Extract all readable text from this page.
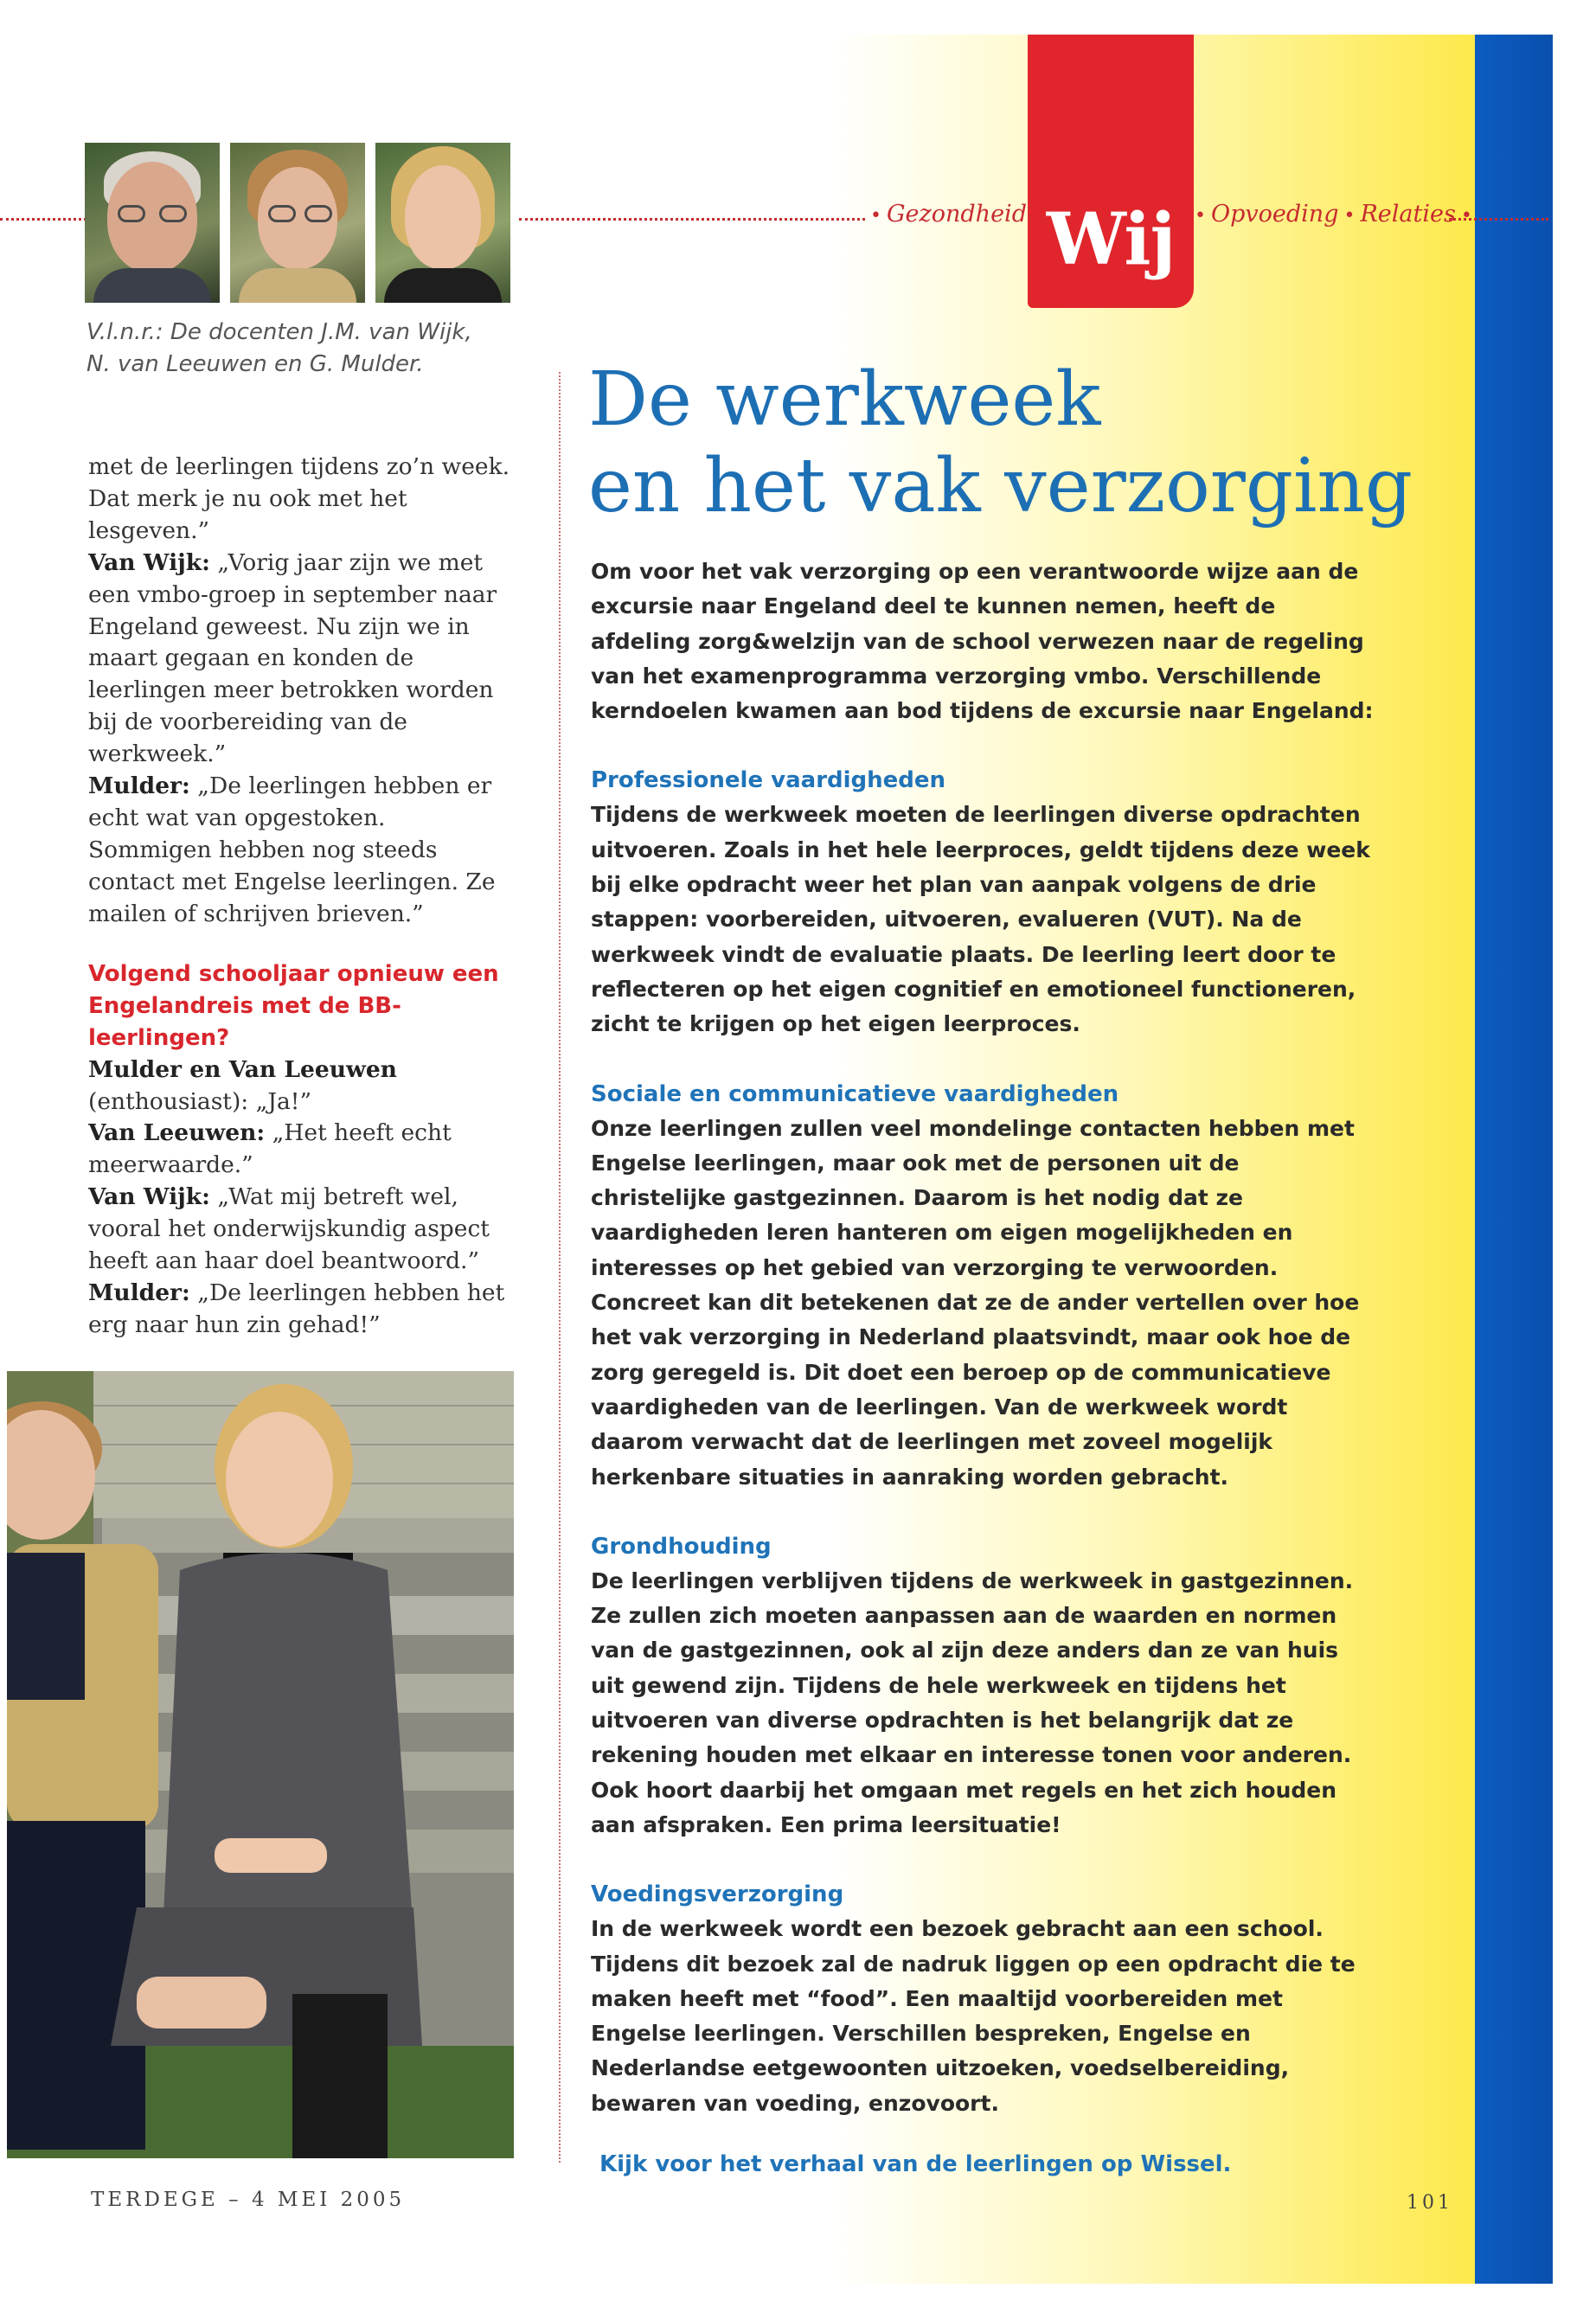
• Gezondheid Wij • Opvoeding • Relaties •
V.l.n.r.: De docenten J.M. van Wijk, N. van Leeuwen en G. Mulder.

met de leerlingen tijdens zo’n week. Dat merk je nu ook met het lesgeven.”

Van Wijk: „Vorig jaar zijn we met een vmbo-groep in september naar Engeland geweest. Nu zijn we in maart gegaan en konden de leerlingen meer betrokken worden bij de voorbereiding van de werkweek.”

Mulder: „De leerlingen hebben er echt wat van opgestoken. Sommigen hebben nog steeds contact met Engelse leerlingen. Ze mailen of schrijven brieven.”

Volgend schooljaar opnieuw een Engelandreis met de BB-leerlingen?

Mulder en Van Leeuwen (enthousiast): „Ja!”

Van Leeuwen: „Het heeft echt meerwaarde.”

Van Wijk: „Wat mij betreft wel, vooral het onderwijskundig aspect heeft aan haar doel beantwoord.”

Mulder: „De leerlingen hebben het erg naar hun zin gehad!”

De werkweek
en het vak verzorging

Om voor het vak verzorging op een verantwoorde wijze aan de excursie naar Engeland deel te kunnen nemen, heeft de afdeling zorg&welzijn van de school verwezen naar de regeling van het examenprogramma verzorging vmbo. Verschillende kerndoelen kwamen aan bod tijdens de excursie naar Engeland:

Professionele vaardigheden

Tijdens de werkweek moeten de leerlingen diverse opdrachten uitvoeren. Zoals in het hele leerproces, geldt tijdens deze week bij elke opdracht weer het plan van aanpak volgens de drie stappen: voorbereiden, uitvoeren, evalueren (VUT). Na de werkweek vindt de evaluatie plaats. De leerling leert door te reflecteren op het eigen cognitief en emotioneel functioneren, zicht te krijgen op het eigen leerproces.

Sociale en communicatieve vaardigheden

Onze leerlingen zullen veel mondelinge contacten hebben met Engelse leerlingen, maar ook met de personen uit de christelijke gastgezinnen. Daarom is het nodig dat ze vaardigheden leren hanteren om eigen mogelijkheden en interesses op het gebied van verzorging te verwoorden. Concreet kan dit betekenen dat ze de ander vertellen over hoe het vak verzorging in Nederland plaatsvindt, maar ook hoe de zorg geregeld is. Dit doet een beroep op de communicatieve vaardigheden van de leerlingen. Van de werkweek wordt daarom verwacht dat de leerlingen met zoveel mogelijk herkenbare situaties in aanraking worden gebracht.

Grondhouding

De leerlingen verblijven tijdens de werkweek in gastgezinnen. Ze zullen zich moeten aanpassen aan de waarden en normen van de gastgezinnen, ook al zijn deze anders dan ze van huis uit gewend zijn. Tijdens de hele werkweek en tijdens het uitvoeren van diverse opdrachten is het belangrijk dat ze rekening houden met elkaar en interesse tonen voor anderen. Ook hoort daarbij het omgaan met regels en het zich houden aan afspraken. Een prima leersituatie!

Voedingsverzorging

In de werkweek wordt een bezoek gebracht aan een school. Tijdens dit bezoek zal de nadruk liggen op een opdracht die te maken heeft met “food”. Een maaltijd voorbereiden met Engelse leerlingen. Verschillen bespreken, Engelse en Nederlandse eetgewoonten uitzoeken, voedselbereiding, bewaren van voeding, enzovoort.

Kijk voor het verhaal van de leerlingen op Wissel.

TERDEGE – 4 MEI 2005	101
